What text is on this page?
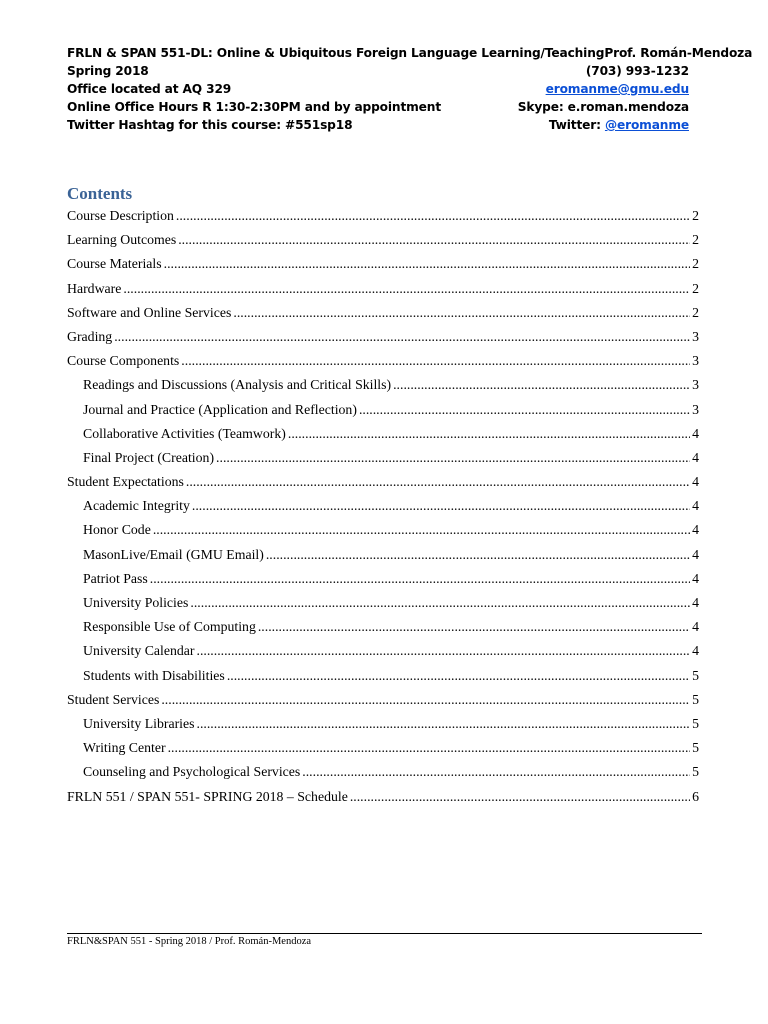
FRLN & SPAN 551-DL: Online & Ubiquitous Foreign Language Learning/Teaching Prof. Román-Mendoza
Spring 2018	(703) 993-1232
Office located at AQ 329	eromanme@gmu.edu
Online Office Hours R 1:30-2:30PM and by appointment	Skype: e.roman.mendoza
Twitter Hashtag for this course: #551sp18	Twitter: @eromanme
Contents
Course Description .....	2
Learning Outcomes .....	2
Course Materials .....	2
Hardware .....	2
Software and Online Services .....	2
Grading .....	3
Course Components .....	3
Readings and Discussions (Analysis and Critical Skills) .....	3
Journal and Practice (Application and Reflection) .....	3
Collaborative Activities (Teamwork) .....	4
Final Project (Creation) .....	4
Student Expectations .....	4
Academic Integrity .....	4
Honor Code .....	4
MasonLive/Email (GMU Email) .....	4
Patriot Pass .....	4
University Policies .....	4
Responsible Use of Computing .....	4
University Calendar .....	4
Students with Disabilities .....	5
Student Services .....	5
University Libraries .....	5
Writing Center .....	5
Counseling and Psychological Services .....	5
FRLN 551 / SPAN 551- SPRING 2018 – Schedule .....	6
FRLN&SPAN 551 - Spring 2018 / Prof. Román-Mendoza
